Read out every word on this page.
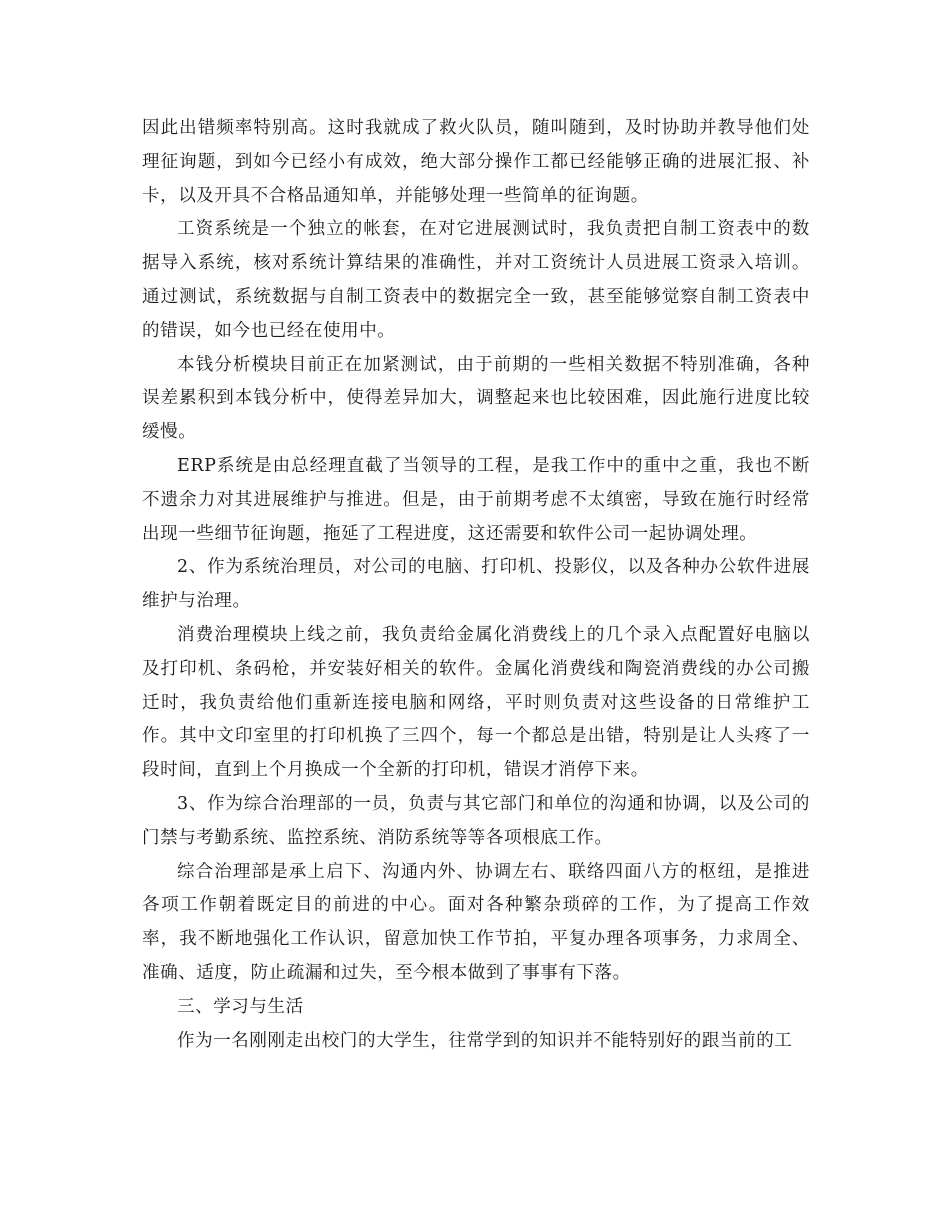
因此出错频率特别高。这时我就成了救火队员，随叫随到，及时协助并教导他们处理征询题，到如今已经小有成效，绝大部分操作工都已经能够正确的进展汇报、补卡，以及开具不合格品通知单，并能够处理一些简单的征询题。

工资系统是一个独立的帐套，在对它进展测试时，我负责把自制工资表中的数据导入系统，核对系统计算结果的准确性，并对工资统计人员进展工资录入培训。通过测试，系统数据与自制工资表中的数据完全一致，甚至能够觉察自制工资表中的错误，如今也已经在使用中。

本钱分析模块目前正在加紧测试，由于前期的一些相关数据不特别准确，各种误差累积到本钱分析中，使得差异加大，调整起来也比较困难，因此施行进度比较缓慢。

ERP系统是由总经理直截了当领导的工程，是我工作中的重中之重，我也不断不遗余力对其进展维护与推进。但是，由于前期考虑不太缜密，导致在施行时经常出现一些细节征询题，拖延了工程进度，这还需要和软件公司一起协调处理。

2、作为系统治理员，对公司的电脑、打印机、投影仪，以及各种办公软件进展维护与治理。

消费治理模块上线之前，我负责给金属化消费线上的几个录入点配置好电脑以及打印机、条码枪，并安装好相关的软件。金属化消费线和陶瓷消费线的办公司搬迁时，我负责给他们重新连接电脑和网络，平时则负责对这些设备的日常维护工作。其中文印室里的打印机换了三四个，每一个都总是出错，特别是让人头疼了一段时间，直到上个月换成一个全新的打印机，错误才消停下来。

3、作为综合治理部的一员，负责与其它部门和单位的沟通和协调，以及公司的门禁与考勤系统、监控系统、消防系统等等各项根底工作。

综合治理部是承上启下、沟通内外、协调左右、联络四面八方的枢纽，是推进各项工作朝着既定目的前进的中心。面对各种繁杂琐碎的工作，为了提高工作效率，我不断地强化工作认识，留意加快工作节拍，平复办理各项事务，力求周全、准确、适度，防止疏漏和过失，至今根本做到了事事有下落。

三、学习与生活

作为一名刚刚走出校门的大学生，往常学到的知识并不能特别好的跟当前的工
